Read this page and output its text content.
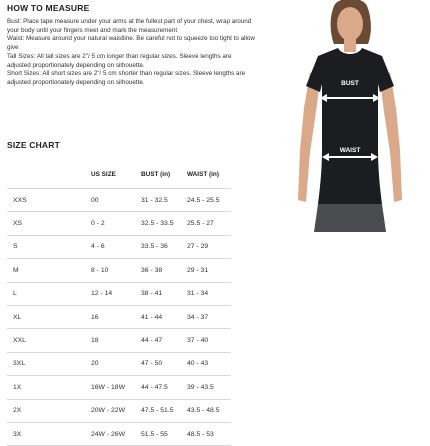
HOW TO MEASURE

Bust: Place tape measure under your arms at the fullest part of your chest, wrap around your body until your fingers meet and mark the measurement

Waist: Measure around your natural waistline. Be careful not to squeeze too tight to allow give

Tall Sizes: All tall sizes are 2"/ 5 cm longer than regular sizes. Sleeve lengths are adjusted proportionately depending on silhouette.

Short Sizes: All short sizes are 2"/ 5 cm shorter than regular sizes. Sleeve lengths are adjusted proportionately depending on silhouette.

SIZE CHART
	US SIZE	BUST (in)	WAIST (in)
XXS	00	31 - 32.5	24.5 - 25.5
XS	0 - 2	32.5 - 33.5	25.5 - 27
S	4 - 6	33.5 - 36	27 - 29
M	8 - 10	36 - 38	29 - 31
L	12 - 14	38 - 41	31 - 34
XL	16	41 - 44	34 - 37
XXL	18	44 - 47	37 - 40
3XL	20	47 - 50	40 - 43
1X	16W - 18W	44 - 47.5	39 - 43.5
2X	20W - 22W	47.5 - 51.5	43.5 - 48.5
3X	24W - 26W	51.5 - 55	48.5 - 53
BUST
WAIST
